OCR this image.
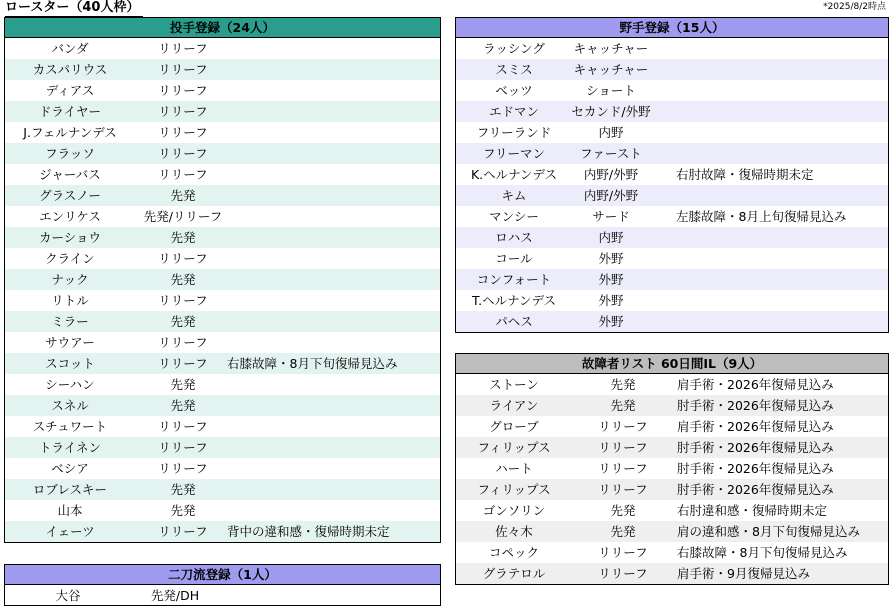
ロースター（40人枠）	*2025/8/2時点
投手登録（24人）
バンダ	リリーフ
カスパリウス	リリーフ
ディアス	リリーフ
ドライヤー	リリーフ
J.フェルナンデス	リリーフ
フラッソ	リリーフ
ジャーバス	リリーフ
グラスノー	先発
エンリケス	先発/リリーフ
カーショウ	先発
クライン	リリーフ
ナック	先発
リトル	リリーフ
ミラー	先発
サウアー	リリーフ
スコット	リリーフ	右膝故障・8月下旬復帰見込み
シーハン	先発
スネル	先発
スチュワート	リリーフ
トライネン	リリーフ
ベシア	リリーフ
ロブレスキー	先発
山本	先発
イェーツ	リリーフ	背中の違和感・復帰時期未定
二刀流登録（1人）
大谷	先発/DH
野手登録（15人）
ラッシング	キャッチャー
スミス	キャッチャー
ベッツ	ショート
エドマン	セカンド/外野
フリーランド	内野
フリーマン	ファースト
K.ヘルナンデス	内野/外野	右肘故障・復帰時期未定
キム	内野/外野
マンシー	サード	左膝故障・8月上旬復帰見込み
ロハス	内野
コール	外野
コンフォート	外野
T.ヘルナンデス	外野
パヘス	外野
故障者リスト 60日間IL（9人）
ストーン	先発	肩手術・2026年復帰見込み
ライアン	先発	肘手術・2026年復帰見込み
グローブ	リリーフ	肩手術・2026年復帰見込み
フィリップス	リリーフ	肘手術・2026年復帰見込み
ハート	リリーフ	肘手術・2026年復帰見込み
フィリップス	リリーフ	肘手術・2026年復帰見込み
ゴンソリン	先発	右肘違和感・復帰時期未定
佐々木	先発	肩の違和感・8月下旬復帰見込み
コペック	リリーフ	右膝故障・8月下旬復帰見込み
グラテロル	リリーフ	肩手術・9月復帰見込み
